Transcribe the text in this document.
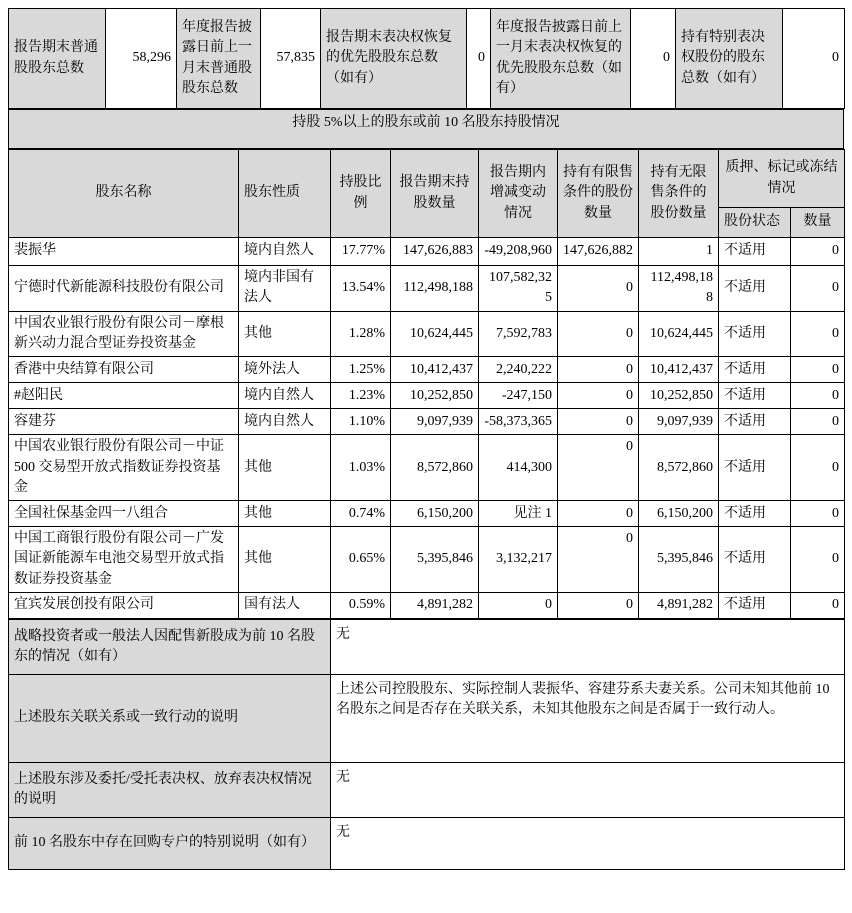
报告期末普通股股东总数	58,296	年度报告披露日前上一月末普通股股东总数	57,835	报告期末表决权恢复的优先股股东总数（如有）	0	年度报告披露日前上一月末表决权恢复的优先股股东总数（如有）	0	持有特别表决权股份的股东总数（如有）	0
持股 5%以上的股东或前 10 名股东持股情况
股东名称	股东性质	持股比例	报告期末持股数量	报告期内增减变动情况	持有有限售条件的股份数量	持有无限售条件的股份数量	质押、标记或冻结情况	
							股份状态	数量
裴振华	境内自然人	17.77%	147,626,883	-49,208,960	147,626,882	1	不适用	0
宁德时代新能源科技股份有限公司	境内非国有法人	13.54%	112,498,188	107,582,325	0	112,498,188	不适用	0
中国农业银行股份有限公司－摩根新兴动力混合型证券投资基金	其他	1.28%	10,624,445	7,592,783	0	10,624,445	不适用	0
香港中央结算有限公司	境外法人	1.25%	10,412,437	2,240,222	0	10,412,437	不适用	0
#赵阳民	境内自然人	1.23%	10,252,850	-247,150	0	10,252,850	不适用	0
容建芬	境内自然人	1.10%	9,097,939	-58,373,365	0	9,097,939	不适用	0
中国农业银行股份有限公司－中证 500 交易型开放式指数证券投资基金	其他	1.03%	8,572,860	414,300	0	8,572,860	不适用	0
全国社保基金四一八组合	其他	0.74%	6,150,200	见注 1	0	6,150,200	不适用	0
中国工商银行股份有限公司－广发国证新能源车电池交易型开放式指数证券投资基金	其他	0.65%	5,395,846	3,132,217	0	5,395,846	不适用	0
宜宾发展创投有限公司	国有法人	0.59%	4,891,282	0	0	4,891,282	不适用	0
战略投资者或一般法人因配售新股成为前 10 名股东的情况（如有）	无
上述股东关联关系或一致行动的说明	上述公司控股股东、实际控制人裴振华、容建芬系夫妻关系。公司未知其他前 10 名股东之间是否存在关联关系，未知其他股东之间是否属于一致行动人。
上述股东涉及委托/受托表决权、放弃表决权情况的说明	无
前 10 名股东中存在回购专户的特别说明（如有）	无
